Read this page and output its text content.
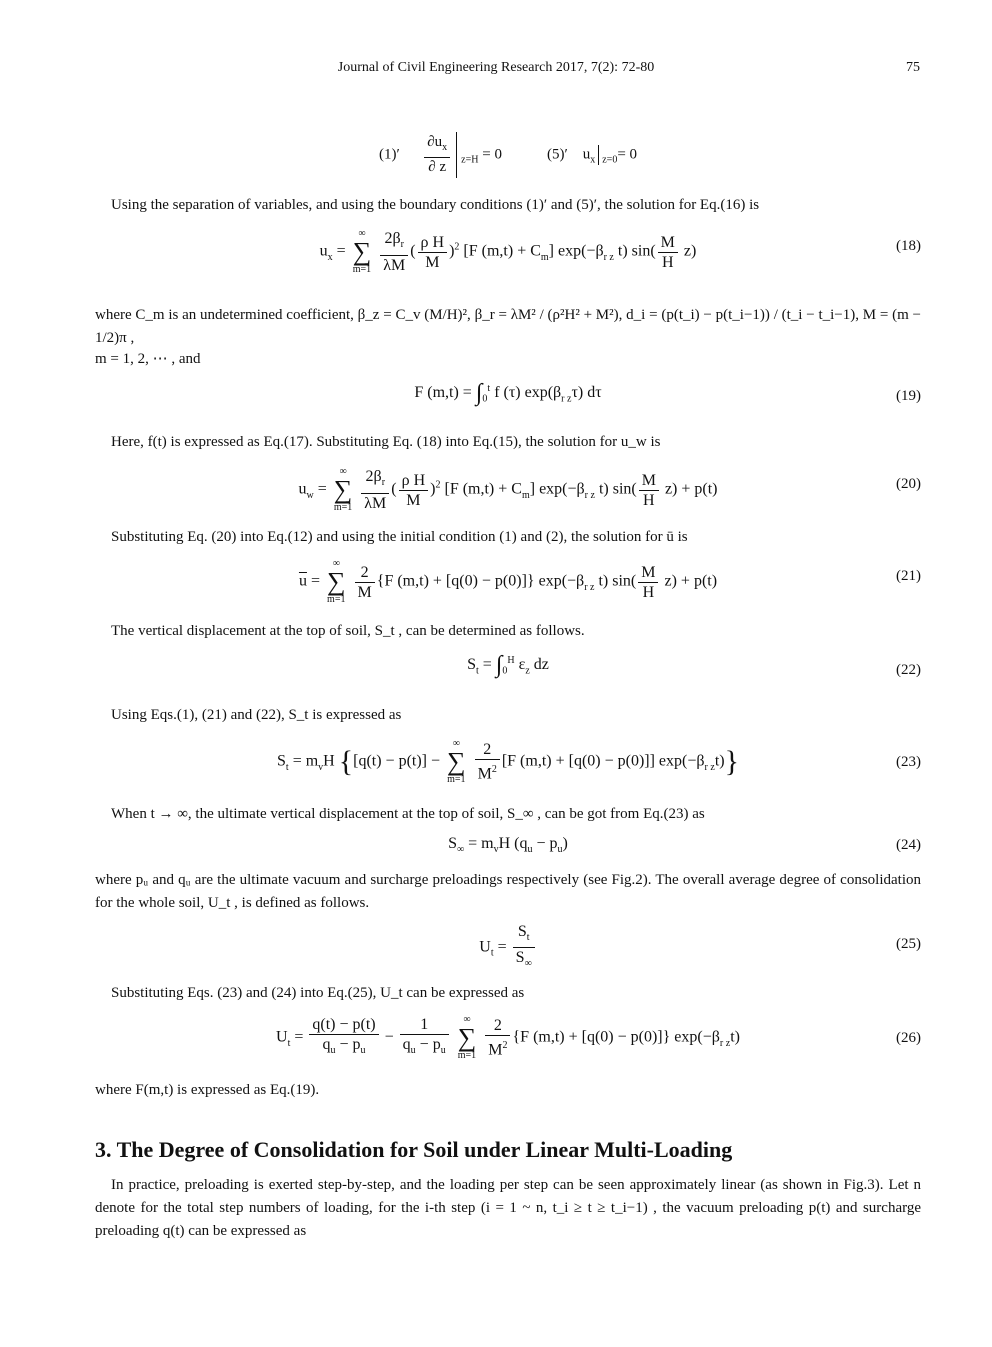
Journal of Civil Engineering Research 2017, 7(2): 72-80	75
$(1)' \frac{\partial u_x}{\partial z} _{z=H} = 0$	(5)′ $u_x$ $_{z=0}$= 0
Using the separation of variables, and using the boundary conditions (1)′ and (5)′, the solution for Eq.(16) is
$u_x$ =
∞
∑
m=1
$\frac{2\beta_r}{\lambda M}$ ( $\frac{\text{ρ H}}{M} )^2$ [F $(m,t) + C_m$] $\exp(-\beta_{r z}$ t) $\sin( \frac{M}{H} z)$	(18)
where C_m is an undetermined coefficient, β_z = C_v (M/H)², β_r = λM² / (ρ²H² + M²), d_i = (p(t_i) − p(t_i−1)) / (t_i − t_i−1), M = (m − 1/2)π ,
m = 1, 2, ⋯ , and
F $(m,t) = \int_0^t$ f (τ) $\exp(\beta_{r z}\tau)$ dτ	(19)
Here, f(t) is expressed as Eq.(17). Substituting Eq. (18) into Eq.(15), the solution for u_w is
$u_w$ =
∞
∑
m=1
$\frac{2\beta_r}{\lambda M}$ ( $\frac{\text{ρ H}}{M} )^2$ [F $(m,t) + C_m$] $\exp(-\beta_{r z}$ t) $\sin( \frac{M}{H} z) + p(t)$	(20)
Substituting Eq. (20) into Eq.(12) and using the initial condition (1) and (2), the solution for ū is
$\overline{u}$ =
∞
∑
m=1
$\frac{2}{M} \{F$ (m,t) + [q(0) − p(0)]} $\exp(-\beta_{r z}$ t) $\sin( \frac{M}{H} z) + p(t)$	(21)
The vertical displacement at the top of soil, S_t , can be determined as follows.
$S_t = \int_0^H$ $\varepsilon_z$ dz	(22)
Using Eqs.(1), (21) and (22), S_t is expressed as
$S_t = m_vH$ {[q(t) − p(t)] −
∞
∑
m=1
$\frac{2}{M^2} [F$ (m,t) + [q(0) − p(0)]] $\exp(-\beta_{r z}t)$}	(23)
When t → ∞, the ultimate vertical displacement at the top of soil, S_∞ , can be got from Eq.(23) as
$S_\infty = m_vH$ $(q_u - p_u)$	(24)
where pᵤ and qᵤ are the ultimate vacuum and surcharge preloadings respectively (see Fig.2). The overall average degree of consolidation for the whole soil, U_t , is defined as follows.
$U_t = \frac{S_t}{S_\infty}$	(25)
Substituting Eqs. (23) and (24) into Eq.(25), U_t can be expressed as
$U_t = \frac{q(t) - p(t)}{q_u - p_u} - \frac{1}{q_u - p_u}$
	∞
∑
m=1
$\frac{2}{M^2} \{F$ (m,t) + [q(0) − p(0)]} $\exp(-\beta_{r z}t)$	(26)
where F(m,t) is expressed as Eq.(19).
3. The Degree of Consolidation for Soil under Linear Multi-Loading
In practice, preloading is exerted step-by-step, and the loading per step can be seen approximately linear (as shown in Fig.3). Let n denote for the total step numbers of loading, for the i-th step (i = 1 ~ n, t_i ≥ t ≥ t_i−1) , the vacuum preloading p(t) and surcharge preloading q(t) can be expressed as
